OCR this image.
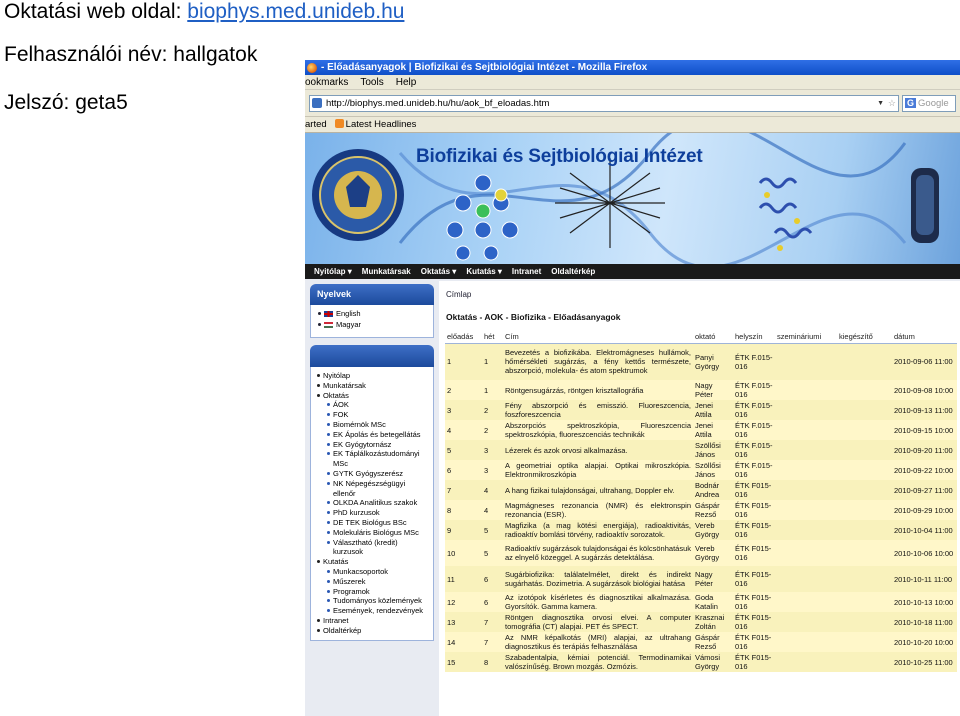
Oktatási web oldal: biophys.med.unideb.hu
Felhasználói név: hallgatok
Jelszó: geta5
- Előadásanyagok | Biofizikai és Sejtbiológiai Intézet - Mozilla Firefox
ookmarks Tools Help
http://biophys.med.unideb.hu/hu/aok_bf_eloadas.htm	▼ ☆ G Google
arted	Latest Headlines
Biofizikai és Sejtbiológiai Intézet
Nyitólap ▾ Munkatársak Oktatás ▾ Kutatás ▾ Intranet Oldaltérkép
Nyelvek
English
Magyar
Nyitólap
Munkatársak
Oktatás
ÁOK
FOK
Biomérnök MSc
EK Ápolás és betegellátás
EK Gyógytornász
EK Táplálkozástudományi MSc
GYTK Gyógyszerész
NK Népegészségügyi ellenőr
OLKDA Analitikus szakok
PhD kurzusok
DE TEK Biológus BSc
Molekuláris Biológus MSc
Választható (kredit) kurzusok
Kutatás
Munkacsoportok
Műszerek
Programok
Tudományos közlemények
Események, rendezvények
Intranet
Oldaltérkép
Címlap
Oktatás - AOK - Biofizika - Előadásanyagok
előadás	hét	Cím	oktató	helyszín	szemináriumi	kiegészítő	dátum
1	1	Bevezetés a biofizikába. Elektromágneses hullámok, hőmérsékleti sugárzás, a fény kettős természete, abszorpció, molekula- és atom spektrumok	Panyi György	ÉTK F.015-016			2010-09-06 11:00
2	1	Röntgensugárzás, röntgen krisztallográfia	Nagy Péter	ÉTK F.015-016			2010-09-08 10:00
3	2	Fény abszorpció és emisszió. Fluoreszcencia, foszforeszcencia	Jenei Attila	ÉTK F.015-016			2010-09-13 11:00
4	2	Abszorpciós spektroszkópia, Fluoreszcencia spektroszkópia, fluoreszcenciás technikák	Jenei Attila	ÉTK F.015-016			2010-09-15 10:00
5	3	Lézerek és azok orvosi alkalmazása.	Szöllősi János	ÉTK F.015-016			2010-09-20 11:00
6	3	A geometriai optika alapjai. Optikai mikroszkópia. Elektronmikroszkópia	Szöllősi János	ÉTK F.015-016			2010-09-22 10:00
7	4	A hang fizikai tulajdonságai, ultrahang, Doppler elv.	Bodnár Andrea	ÉTK F015-016			2010-09-27 11:00
8	4	Magmágneses rezonancia (NMR) és elektronspin rezonancia (ESR).	Gáspár Rezső	ÉTK F015-016			2010-09-29 10:00
9	5	Magfizika (a mag kötési energiája), radioaktivitás, radioaktív bomlási törvény, radioaktív sorozatok.	Vereb György	ÉTK F015-016			2010-10-04 11:00
10	5	Radioaktív sugárzások tulajdonságai és kölcsönhatásuk az elnyelő közeggel. A sugárzás detektálása.	Vereb György	ÉTK F015-016			2010-10-06 10:00
11	6	Sugárbiofizika: találatelmélet, direkt és indirekt sugárhatás. Dozimetria. A sugárzások biológiai hatása	Nagy Péter	ÉTK F015-016			2010-10-11 11:00
12	6	Az izotópok kísérletes és diagnosztikai alkalmazása. Gyorsítók. Gamma kamera.	Goda Katalin	ÉTK F015-016			2010-10-13 10:00
13	7	Röntgen diagnosztika orvosi elvei. A computer tomográfia (CT) alapjai. PET és SPECT.	Krasznai Zoltán	ÉTK F015-016			2010-10-18 11:00
14	7	Az NMR képalkotás (MRI) alapjai, az ultrahang diagnosztikus és terápiás felhasználása	Gáspár Rezső	ÉTK F015-016			2010-10-20 10:00
15	8	Szabadentalpia, kémiai potenciál. Termodinamikai valószínűség. Brown mozgás. Ozmózis.	Vámosi György	ÉTK F015-016			2010-10-25 11:00
